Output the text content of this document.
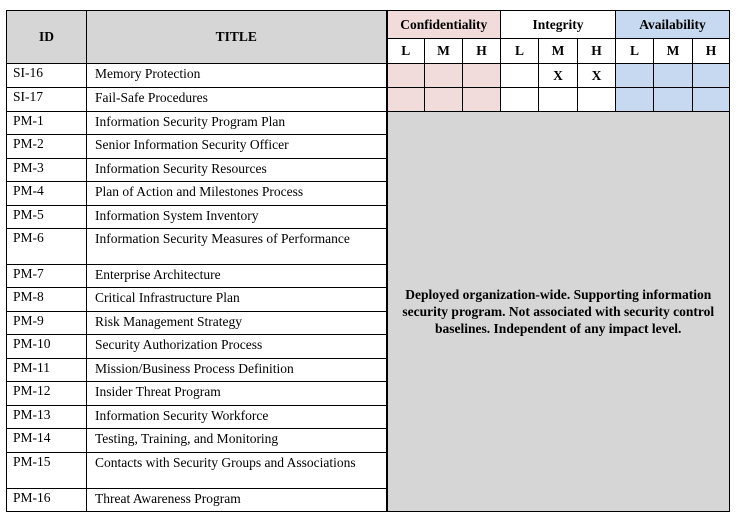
ID	TITLE	Confidentiality			Integrity			Availability		
		L	M	H	L	M	H	L	M	H
SI-16	Memory Protection					X	X			
SI-17	Fail-Safe Procedures									
PM-1	Information Security Program Plan	Deployed organization-wide. Supporting information security program. Not associated with security control baselines. Independent of any impact level.								
PM-2	Senior Information Security Officer									
PM-3	Information Security Resources									
PM-4	Plan of Action and Milestones Process									
PM-5	Information System Inventory									
PM-6	Information Security Measures of Performance									
PM-7	Enterprise Architecture									
PM-8	Critical Infrastructure Plan									
PM-9	Risk Management Strategy									
PM-10	Security Authorization Process									
PM-11	Mission/Business Process Definition									
PM-12	Insider Threat Program									
PM-13	Information Security Workforce									
PM-14	Testing, Training, and Monitoring									
PM-15	Contacts with Security Groups and Associations									
PM-16	Threat Awareness Program									
